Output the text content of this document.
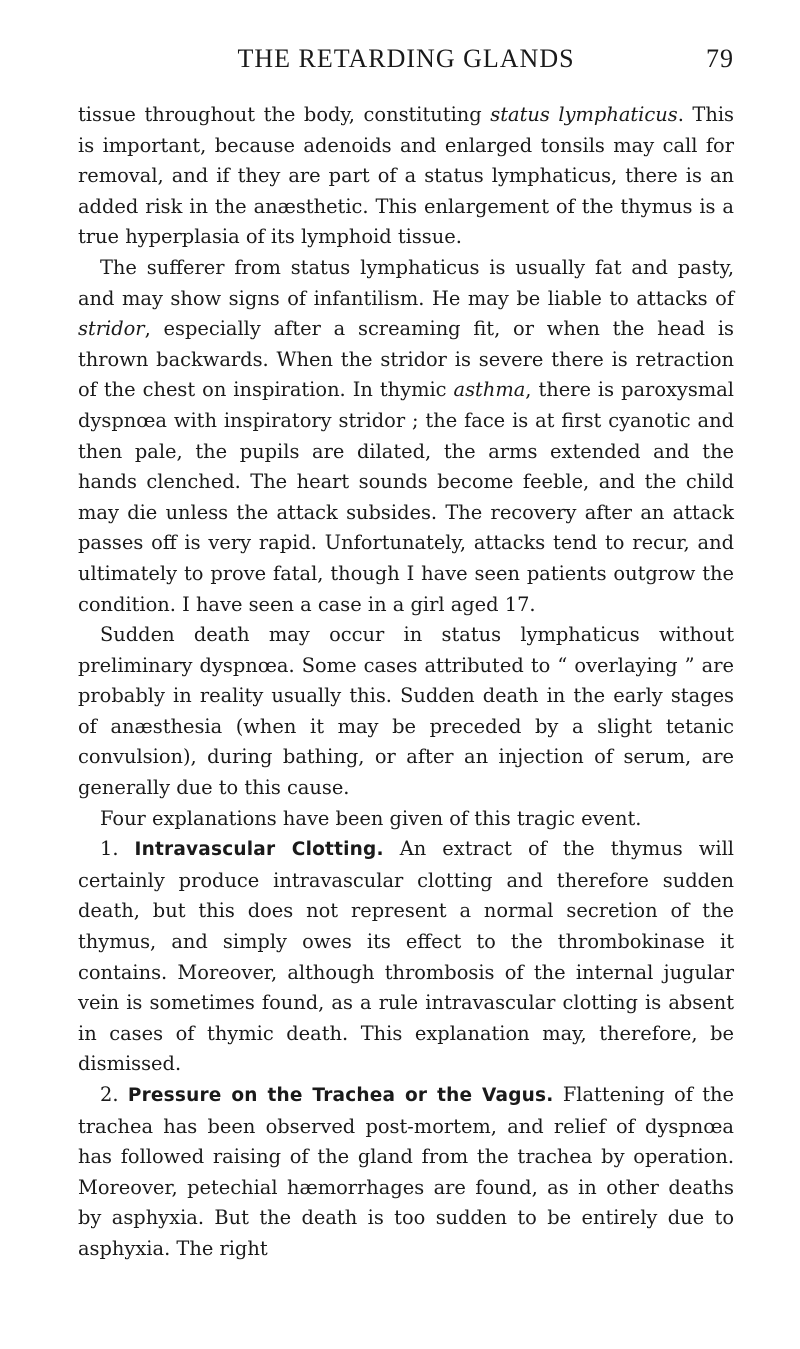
THE RETARDING GLANDS	79

tissue throughout the body, constituting status lymphaticus. This is important, because adenoids and enlarged tonsils may call for removal, and if they are part of a status lymphaticus, there is an added risk in the anæsthetic. This enlargement of the thymus is a true hyperplasia of its lymphoid tissue.

The sufferer from status lymphaticus is usually fat and pasty, and may show signs of infantilism. He may be liable to attacks of stridor, especially after a screaming fit, or when the head is thrown backwards. When the stridor is severe there is retraction of the chest on inspiration. In thymic asthma, there is paroxysmal dyspnœa with inspiratory stridor ; the face is at first cyanotic and then pale, the pupils are dilated, the arms extended and the hands clenched. The heart sounds become feeble, and the child may die unless the attack subsides. The recovery after an attack passes off is very rapid. Unfortunately, attacks tend to recur, and ultimately to prove fatal, though I have seen patients outgrow the condition. I have seen a case in a girl aged 17.

Sudden death may occur in status lymphaticus without preliminary dyspnœa. Some cases attributed to “ overlaying ” are probably in reality usually this. Sudden death in the early stages of anæsthesia (when it may be preceded by a slight tetanic convulsion), during bathing, or after an injection of serum, are generally due to this cause.

Four explanations have been given of this tragic event.

1. Intravascular Clotting. An extract of the thymus will certainly produce intravascular clotting and therefore sudden death, but this does not represent a normal secretion of the thymus, and simply owes its effect to the thrombokinase it contains. Moreover, although thrombosis of the internal jugular vein is sometimes found, as a rule intravascular clotting is absent in cases of thymic death. This explanation may, therefore, be dismissed.

2. Pressure on the Trachea or the Vagus. Flattening of the trachea has been observed post-mortem, and relief of dyspnœa has followed raising of the gland from the trachea by operation. Moreover, petechial hæmorrhages are found, as in other deaths by asphyxia. But the death is too sudden to be entirely due to asphyxia. The right
